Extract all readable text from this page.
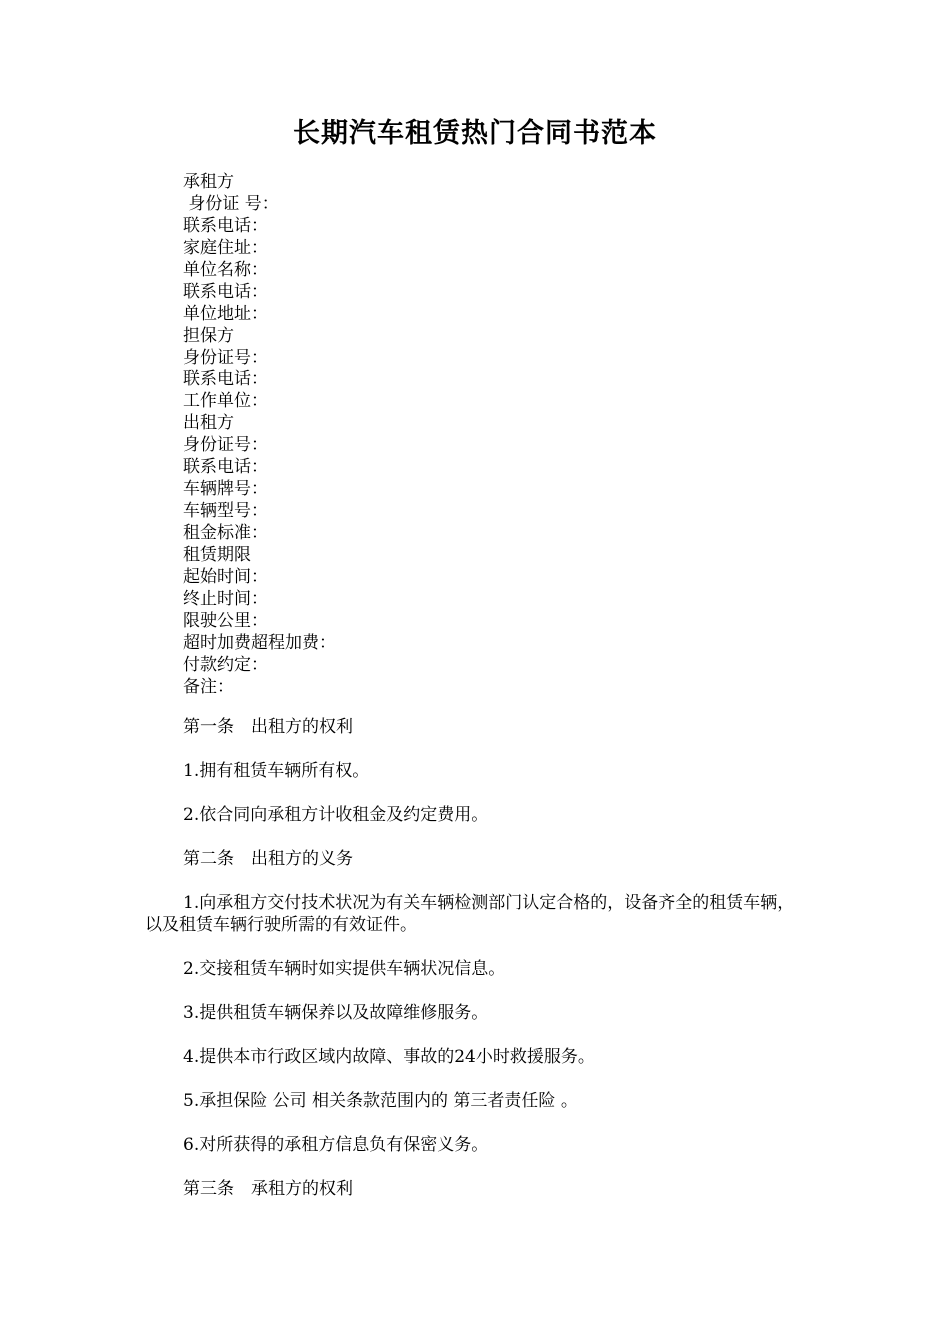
长期汽车租赁热门合同书范本
承租方
身份证 号：
联系电话：
家庭住址：
单位名称：
联系电话：
单位地址：
担保方
身份证号：
联系电话：
工作单位：
出租方
身份证号：
联系电话：
车辆牌号：
车辆型号：
租金标准：
租赁期限
起始时间：
终止时间：
限驶公里：
超时加费超程加费：
付款约定：
备注：

第一条　出租方的权利

1.拥有租赁车辆所有权。

2.依合同向承租方计收租金及约定费用。

第二条　出租方的义务

1.向承租方交付技术状况为有关车辆检测部门认定合格的，设备齐全的租赁车辆，以及租赁车辆行驶所需的有效证件。

2.交接租赁车辆时如实提供车辆状况信息。

3.提供租赁车辆保养以及故障维修服务。

4.提供本市行政区域内故障、事故的24小时救援服务。

5.承担保险 公司 相关条款范围内的 第三者责任险 。

6.对所获得的承租方信息负有保密义务。

第三条　承租方的权利
